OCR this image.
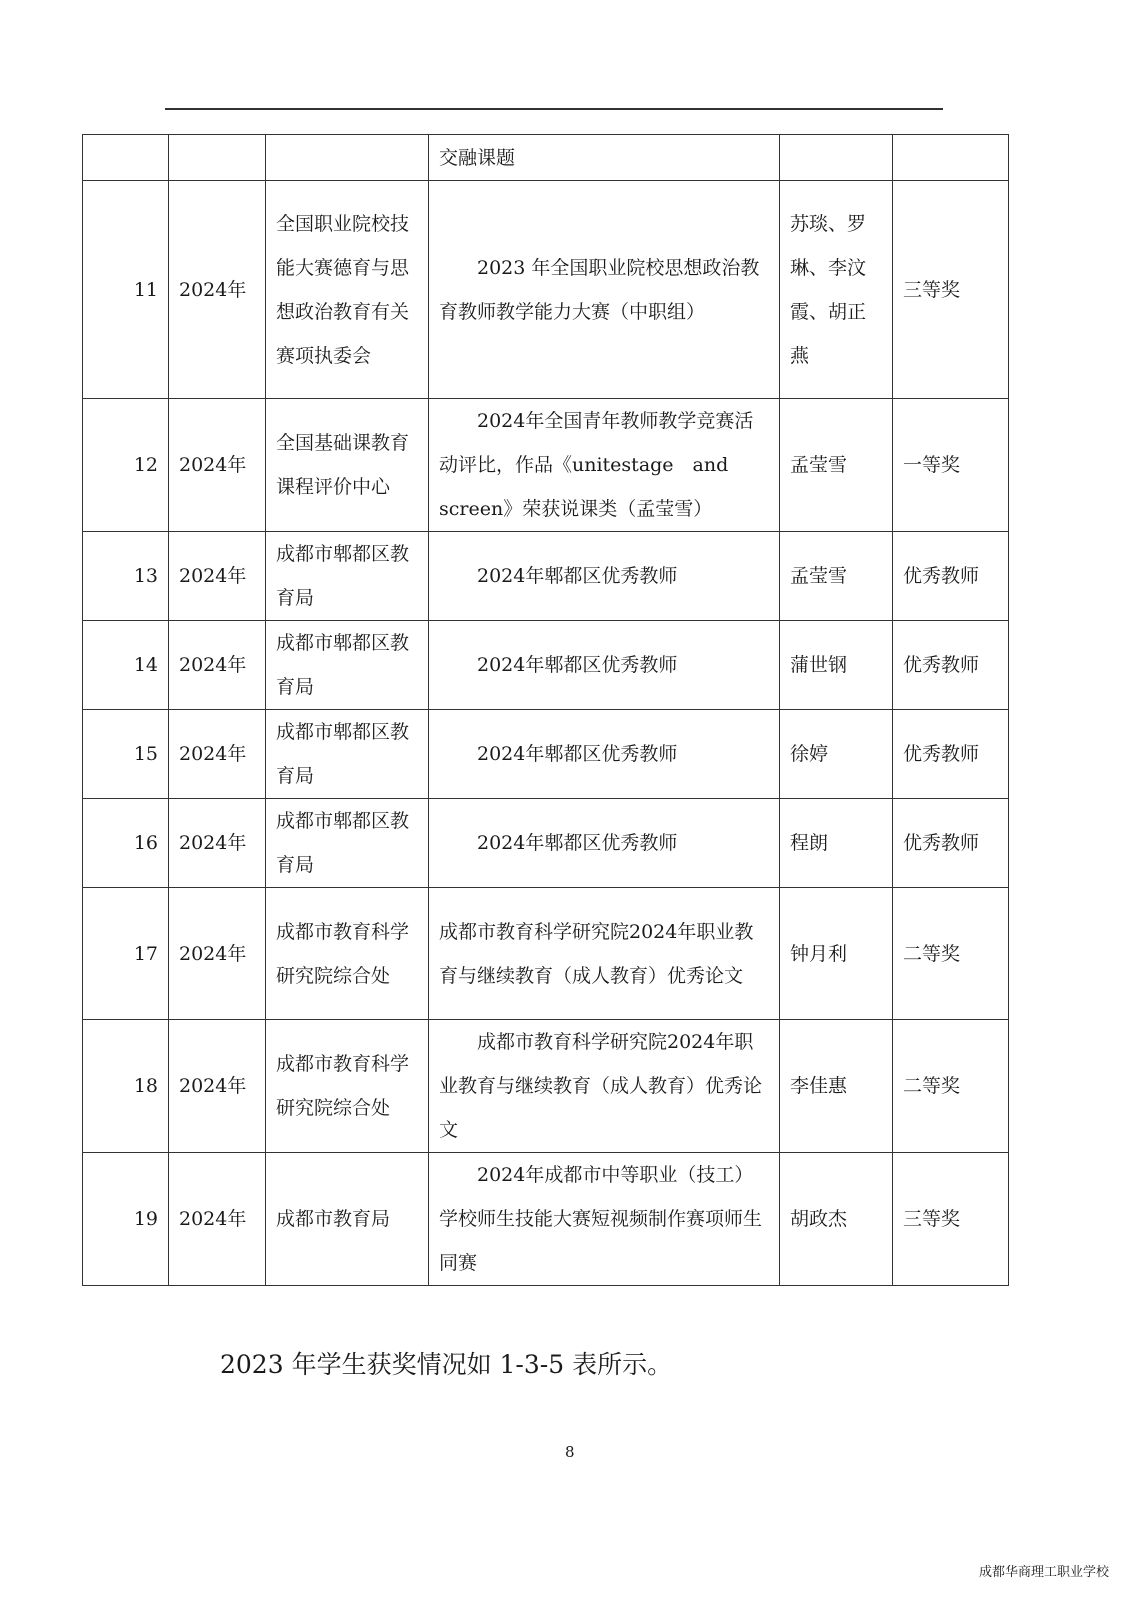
			交融课题		
11	2024年	全国职业院校技能大赛德育与思想政治教育有关赛项执委会	2023 年全国职业院校思想政治教育教师教学能力大赛（中职组）	苏琰、罗琳、李汶霞、胡正燕	三等奖
12	2024年	全国基础课教育课程评价中心	2024年全国青年教师教学竞赛活动评比，作品《unitestage　and screen》荣获说课类（孟莹雪）	孟莹雪	一等奖
13	2024年	成都市郫都区教育局	2024年郫都区优秀教师	孟莹雪	优秀教师
14	2024年	成都市郫都区教育局	2024年郫都区优秀教师	蒲世钢	优秀教师
15	2024年	成都市郫都区教育局	2024年郫都区优秀教师	徐婷	优秀教师
16	2024年	成都市郫都区教育局	2024年郫都区优秀教师	程朗	优秀教师
17	2024年	成都市教育科学研究院综合处	成都市教育科学研究院2024年职业教育与继续教育（成人教育）优秀论文	钟月利	二等奖
18	2024年	成都市教育科学研究院综合处	成都市教育科学研究院2024年职业教育与继续教育（成人教育）优秀论文	李佳惠	二等奖
19	2024年	成都市教育局	2024年成都市中等职业（技工）学校师生技能大赛短视频制作赛项师生同赛	胡政杰	三等奖
2023 年学生获奖情况如 1-3-5 表所示。
8
成都华商理工职业学校
